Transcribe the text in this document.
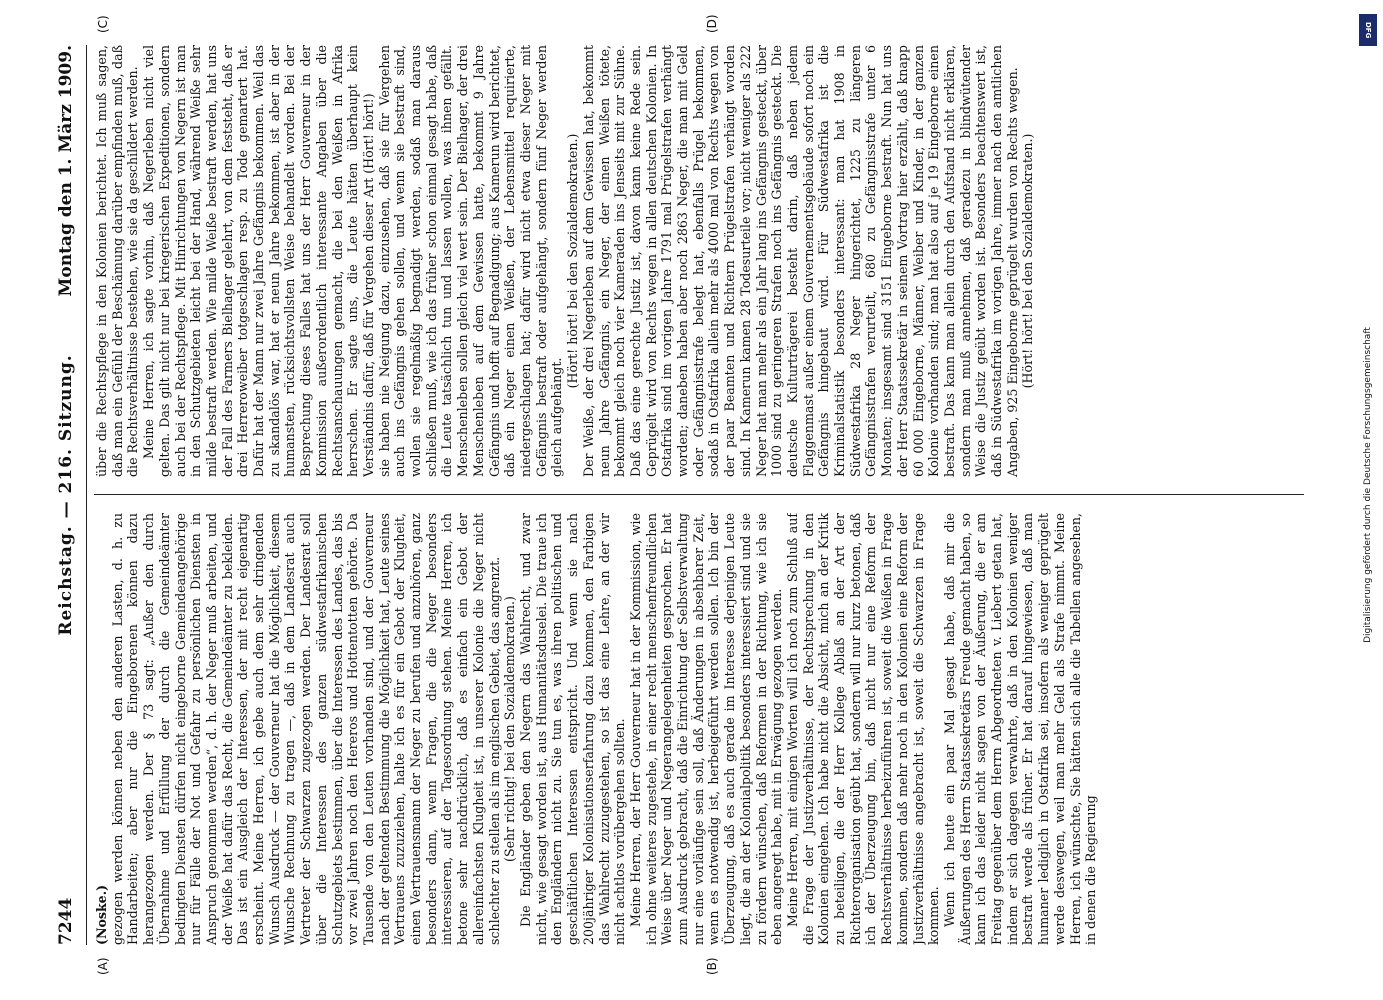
7244
Reichstag. — 216. Sitzung.
Montag den 1. März 1909.
(A)	(B)
(C)	(D)

(Noske.) gezogen werden können neben den anderen Lasten, d. h. zu Handarbeiten; aber nur die Eingeborenen können dazu herangezogen werden. Der § 73 sagt: „Außer den durch Übernahme und Erfüllung der durch die Gemeindeämter bedingten Diensten dürfen nicht eingeborne Gemeindeangehörige nur für Fälle der Not und Gefahr zu persönlichen Diensten in Anspruch genommen werden“, d. h. der Neger muß arbeiten, und der Weiße hat dafür das Recht, die Gemeindeämter zu bekleiden. Das ist ein Ausgleich der Interessen, der mit recht eigenartig erscheint. Meine Herren, ich gebe auch dem sehr dringenden Wunsch Ausdruck — der Gouverneur hat die Möglichkeit, diesem Wunsche Rechnung zu tragen —, daß in dem Landesrat auch Vertreter der Schwarzen zugezogen werden. Der Landesrat soll über die Interessen des ganzen südwestafrikanischen Schutzgebiets bestimmen, über die Interessen des Landes, das bis vor zwei Jahren noch den Hereros und Hottentotten gehörte. Da Tausende von den Leuten vorhanden sind, und der Gouverneur nach der geltenden Bestimmung die Möglichkeit hat, Leute seines Vertrauens zuzuziehen, halte ich es für ein Gebot der Klugheit, einen Vertrauensmann der Neger zu berufen und anzuhören, ganz besonders dann, wenn Fragen, die die Neger besonders interessieren, auf der Tagesordnung stehen. Meine Herren, ich betone sehr nachdrücklich, daß es einfach ein Gebot der allereinfachsten Klugheit ist, in unserer Kolonie die Neger nicht schlechter zu stellen als im englischen Gebiet, das angrenzt. (Sehr richtig! bei den Sozialdemokraten.) Die Engländer geben den Negern das Wahlrecht, und zwar nicht, wie gesagt worden ist, aus Humanitätsduselei. Die traue ich den Engländern nicht zu. Sie tun es, was ihren politischen und geschäftlichen Interessen entspricht. Und wenn sie nach 200jähriger Kolonisationserfahrung dazu kommen, den Farbigen das Wahlrecht zuzugestehen, so ist das eine Lehre, an der wir nicht achtlos vorübergehen sollten. Meine Herren, der Herr Gouverneur hat in der Kommission, wie ich ohne weiteres zugestehe, in einer recht menschenfreundlichen Weise über Neger und Negerangelegenheiten gesprochen. Er hat zum Ausdruck gebracht, daß die Einrichtung der Selbstverwaltung nur eine vorläufige sein soll, daß Änderungen in absehbarer Zeit, wenn es notwendig ist, herbeigeführt werden sollen. Ich bin der Überzeugung, daß es auch gerade im Interesse derjenigen Leute liegt, die an der Kolonialpolitik besonders interessiert sind und sie zu fördern wünschen, daß Reformen in der Richtung, wie ich sie eben angeregt habe, mit in Erwägung gezogen werden. Meine Herren, mit einigen Worten will ich noch zum Schluß auf die Frage der Justizverhältnisse, der Rechtsprechung in den Kolonien eingehen. Ich habe nicht die Absicht, mich an der Kritik zu beteiligen, die der Herr Kollege Ablaß an der Art der Richterorganisation geübt hat, sondern will nur kurz betonen, daß ich der Überzeugung bin, daß nicht nur eine Reform der Rechtsverhältnisse herbeizuführen ist, soweit die Weißen in Frage kommen, sondern daß mehr noch in den Kolonien eine Reform der Justizverhältnisse angebracht ist, soweit die Schwarzen in Frage kommen. Wenn ich heute ein paar Mal gesagt habe, daß mir die Äußerungen des Herrn Staatssekretärs Freude gemacht haben, so kann ich das leider nicht sagen von der Äußerung, die er am Freitag gegenüber dem Herrn Abgeordneten v. Liebert getan hat, indem er sich dagegen verwahrte, daß in den Kolonien weniger bestraft werde als früher. Er hat darauf hingewiesen, daß man humaner lediglich in Ostafrika sei, insofern als weniger geprügelt werde deswegen, weil man mehr Geld als Strafe nimmt. Meine Herren, ich wünschte, Sie hätten sich alle die Tabellen angesehen, in denen die Regierung

über die Rechtspflege in den Kolonien berichtet. Ich muß sagen, daß man ein Gefühl der Beschämung darüber empfinden muß, daß die Rechtsverhältnisse bestehen, wie sie da geschildert werden. Meine Herren, ich sagte vorhin, daß Negerleben nicht viel gelten. Das gilt nicht nur bei kriegerischen Expeditionen, sondern auch bei der Rechtspflege. Mit Hinrichtungen von Negern ist man in den Schutzgebieten leicht bei der Hand, während Weiße sehr milde bestraft werden. Wie milde Weiße bestraft werden, hat uns der Fall des Farmers Bielhager gelehrt, von dem feststeht, daß er drei Herreroweiber totgeschlagen resp. zu Tode gemartert hat. Dafür hat der Mann nur zwei Jahre Gefängnis bekommen. Weil das zu skandalös war, hat er neun Jahre bekommen, ist aber in der humansten, rücksichtsvollsten Weise behandelt worden. Bei der Besprechung dieses Falles hat uns der Herr Gouverneur in der Kommission außerordentlich interessante Angaben über die Rechtsanschauungen gemacht, die bei den Weißen in Afrika herrschen. Er sagte uns, die Leute hätten überhaupt kein Verständnis dafür, daß für Vergehen dieser Art (Hört! hört!) sie haben nie Neigung dazu, einzusehen, daß sie für Vergehen auch ins Gefängnis gehen sollen, und wenn sie bestraft sind, wollen sie regelmäßig begnadigt werden, sodaß man daraus schließen muß, wie ich das früher schon einmal gesagt habe, daß die Leute tatsächlich tun und lassen wollen, was ihnen gefällt. Menschenleben sollen gleich viel wert sein. Der Bielhager, der drei Menschenleben auf dem Gewissen hatte, bekommt 9 Jahre Gefängnis und hofft auf Begnadigung; aus Kamerun wird berichtet, daß ein Neger einen Weißen, der Lebensmittel requirierte, niedergeschlagen hat; dafür wird nicht etwa dieser Neger mit Gefängnis bestraft oder aufgehängt, sondern fünf Neger werden gleich aufgehängt.

(Hört! hört! bei den Sozialdemokraten.) Der Weiße, der drei Negerleben auf dem Gewissen hat, bekommt neun Jahre Gefängnis, ein Neger, der einen Weißen tötete, bekommt gleich noch vier Kameraden ins Jenseits mit zur Sühne. Daß das eine gerechte Justiz ist, davon kann keine Rede sein. Geprügelt wird von Rechts wegen in allen deutschen Kolonien. In Ostafrika sind im vorigen Jahre 1791 mal Prügelstrafen verhängt worden; daneben haben aber noch 2863 Neger, die man mit Geld oder Gefängnisstrafe belegt hat, ebenfalls Prügel bekommen, sodaß in Ostafrika allein mehr als 4000 mal von Rechts wegen von der paar Beamten und Richtern Prügelstrafen verhängt worden sind. In Kamerun kamen 28 Todesurteile vor; nicht weniger als 222 Neger hat man mehr als ein Jahr lang ins Gefängnis gesteckt, über 1000 sind zu geringeren Strafen noch ins Gefängnis gesteckt. Die deutsche Kulturträgerei besteht darin, daß neben jedem Flaggenmast außer einem Gouvernementsgebäude sofort noch ein Gefängnis hingebaut wird. Für Südwestafrika ist die Kriminalstatistik besonders interessant: man hat 1908 in Südwestafrika 28 Neger hingerichtet, 1225 zu längeren Gefängnisstrafen verurteilt, 680 zu Gefängnisstrafe unter 6 Monaten; insgesamt sind 3151 Eingeborne bestraft. Nun hat uns der Herr Staatssekretär in seinem Vortrag hier erzählt, daß knapp 60 000 Eingeborne, Männer, Weiber und Kinder, in der ganzen Kolonie vorhanden sind; man hat also auf je 19 Eingeborne einen bestraft. Das kann man allein durch den Aufstand nicht erklären, sondern man muß annehmen, daß geradezu in blindwütender Weise die Justiz geübt worden ist. Besonders beachtenswert ist, daß in Südwestafrika im vorigen Jahre, immer nach den amtlichen Angaben, 925 Eingeborne geprügelt wurden von Rechts wegen. (Hört! hört! bei den Sozialdemokraten.)

DFG
Digitalisierung gefördert durch die Deutsche Forschungsgemeinschaft
